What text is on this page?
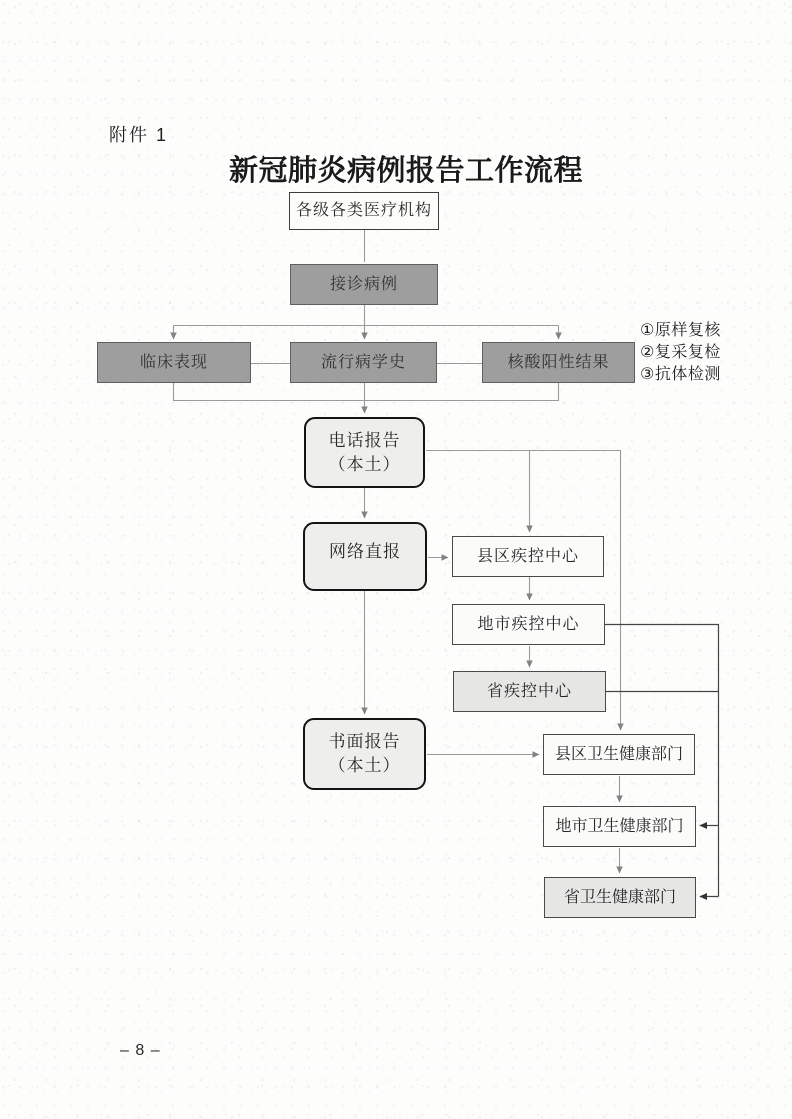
附件 1
新冠肺炎病例报告工作流程
各级各类医疗机构
接诊病例
临床表现	流行病学史	核酸阳性结果
①原样复核
②复采复检
③抗体检测
电话报告
（本土）
网络直报	县区疾控中心
地市疾控中心
省疾控中心
书面报告
（本土）
县区卫生健康部门
地市卫生健康部门
省卫生健康部门
– 8 –
